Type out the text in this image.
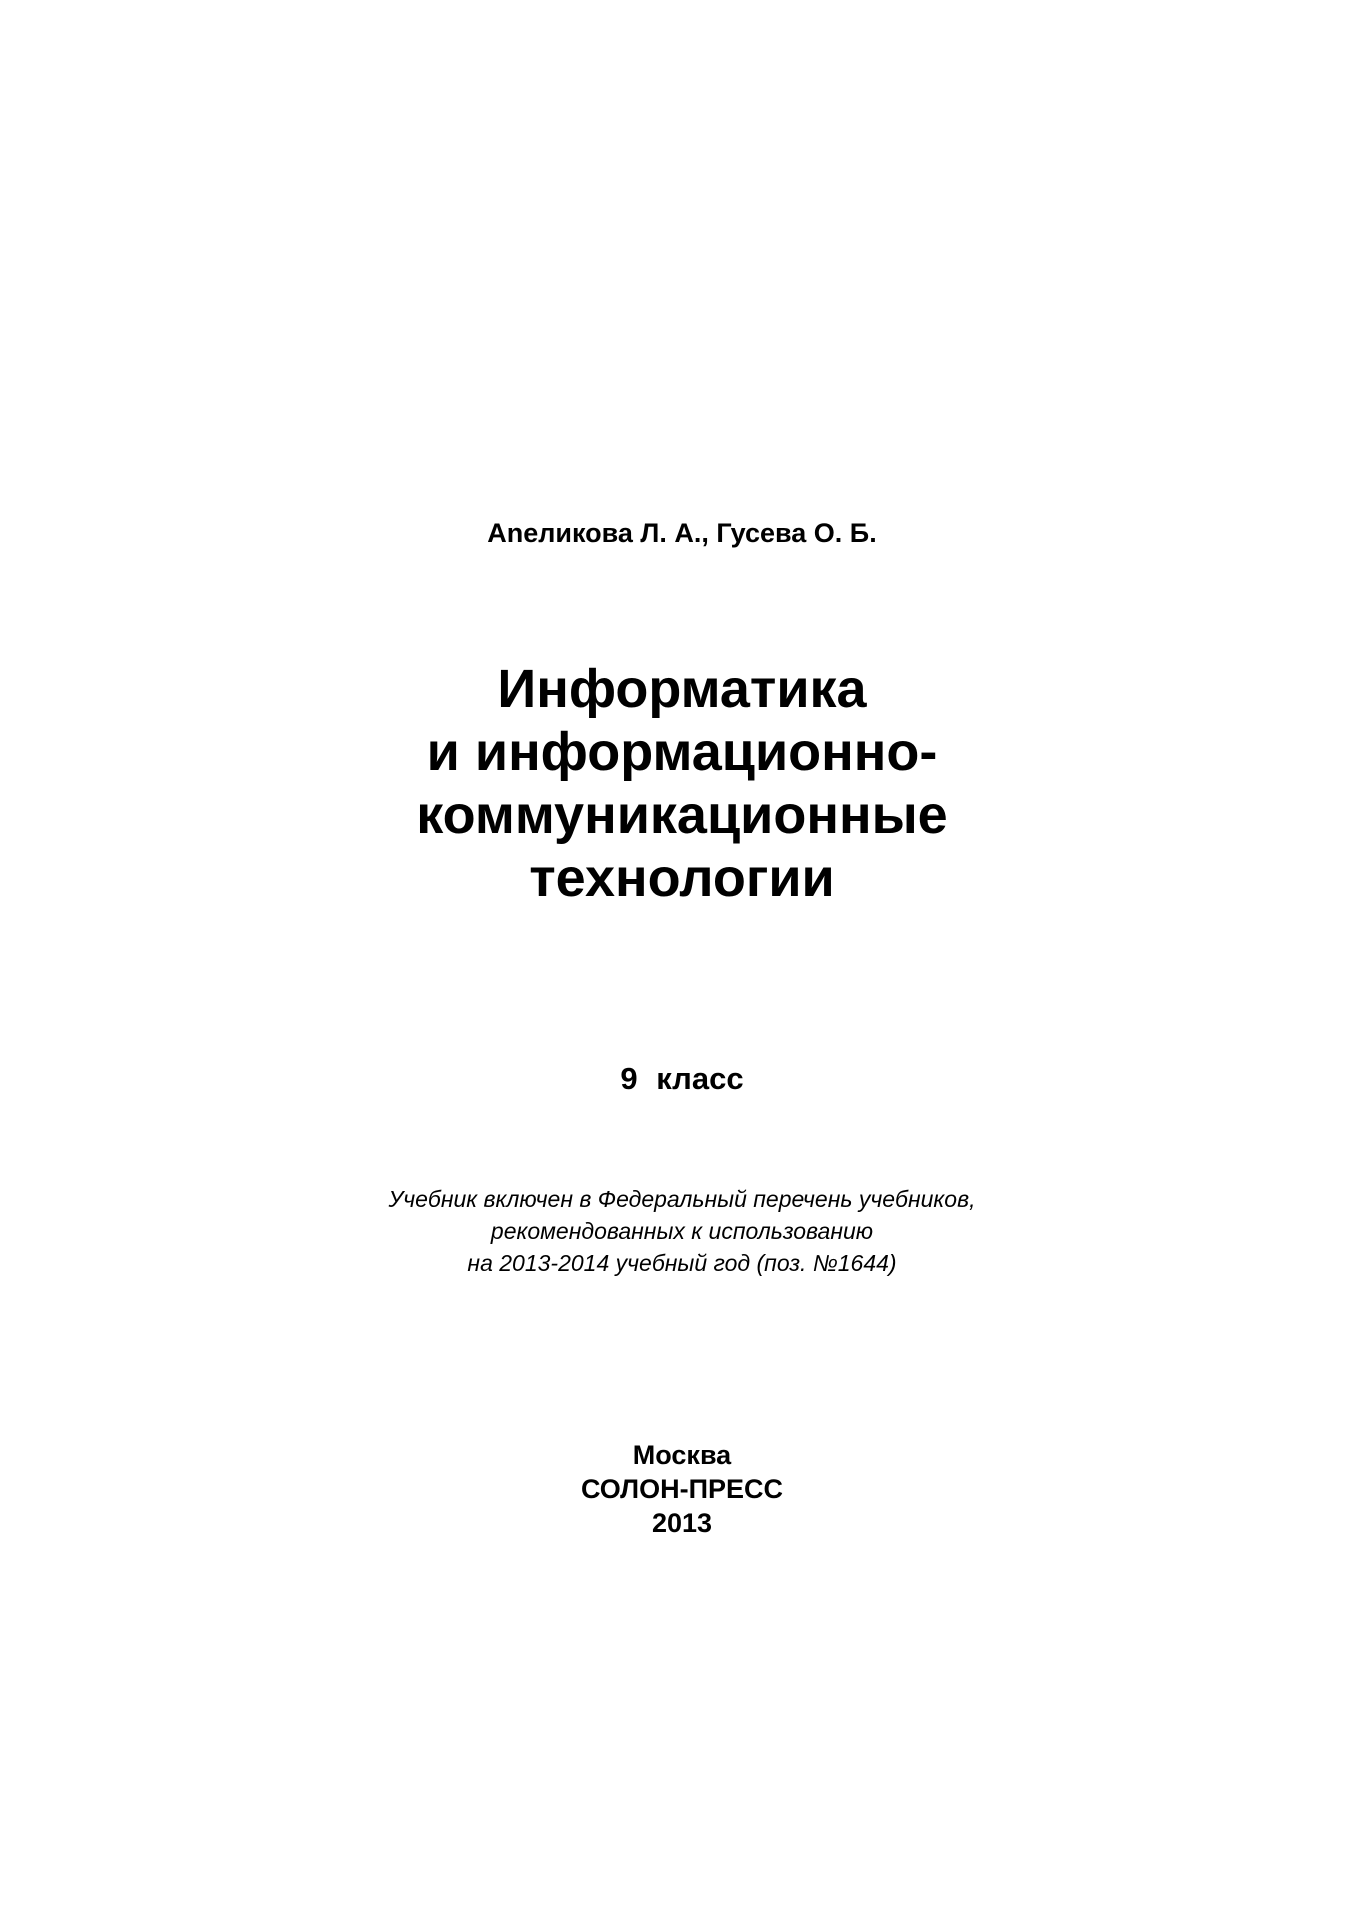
Аneликова Л. А., Гусева О. Б.
Информатика
и информационно-
коммуникационные
технологии
9 класс
Учебник включен в Федеральный перечень учебников,
рекомендованных к использованию
на 2013-2014 учебный год (поз. №1644)
Москва
СОЛОН-ПРЕСС
2013
